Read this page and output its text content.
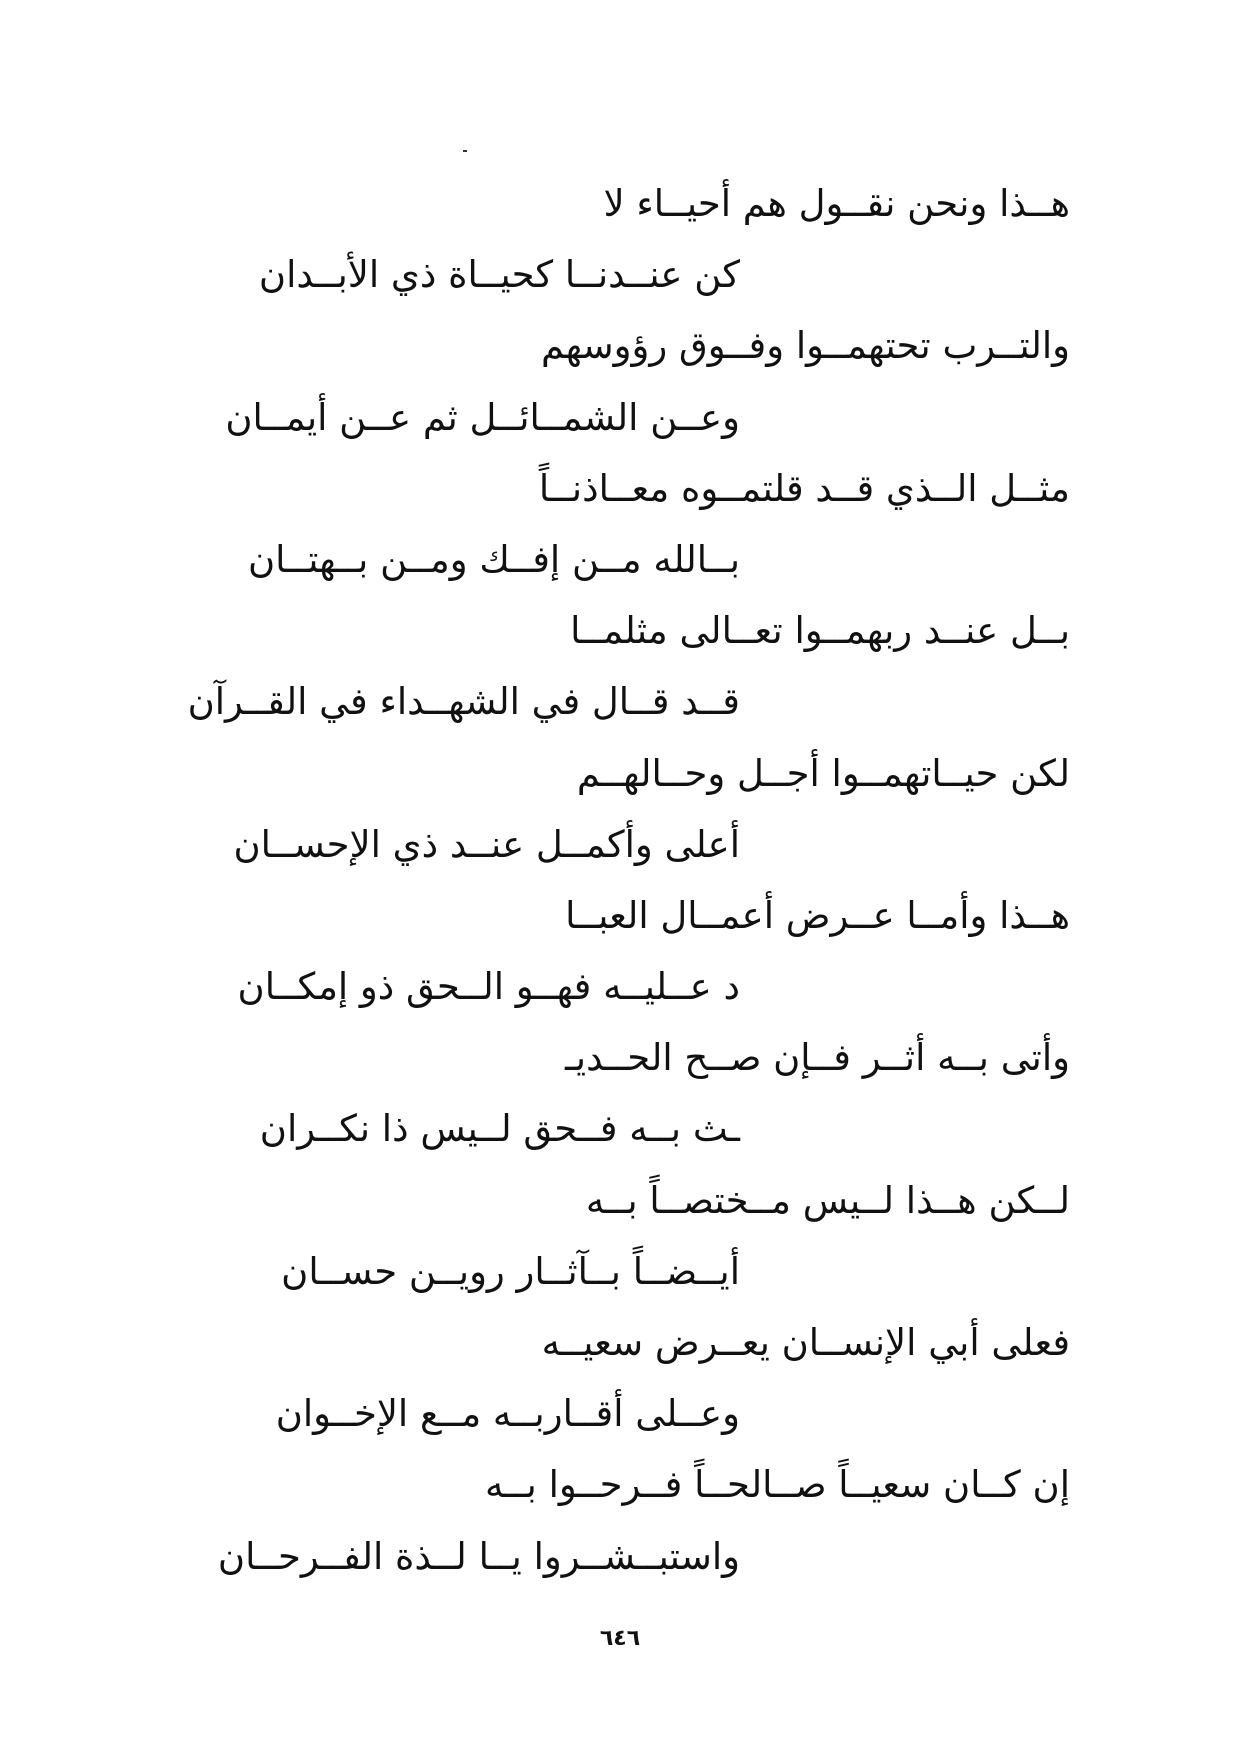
هــذا ونحن نقــول هم أحيــاء لا
كن عنــدنــا كحيــاة ذي الأبــدان
والتــرب تحتهمــوا وفــوق رؤوسهم
وعــن الشمــائــل ثم عــن أيمــان
مثــل الــذي قــد قلتمــوه معــاذنــاً
بــالله مــن إفــك ومــن بــهتــان
بــل عنــد ربهمــوا تعــالى مثلمــا
قــد قــال في الشهــداء في القــرآن
لكن حيــاتهمــوا أجــل وحــالهــم
أعلى وأكمــل عنــد ذي الإحســان
هــذا وأمــا عــرض أعمــال العبــا
د عــليــه فهــو الــحق ذو إمكــان
وأتى بــه أثــر فــإن صــح الحــديـ
ـث بــه فــحق لــيس ذا نكــران
لــكن هــذا لــيس مــختصــاً بــه
أيــضــاً بــآثــار رويــن حســان
فعلى أبي الإنســان يعــرض سعيــه
وعــلى أقــاربــه مــع الإخــوان
إن كــان سعيــاً صــالحــاً فــرحــوا بــه
واستبــشــروا يــا لــذة الفــرحــان
٦٤٦
